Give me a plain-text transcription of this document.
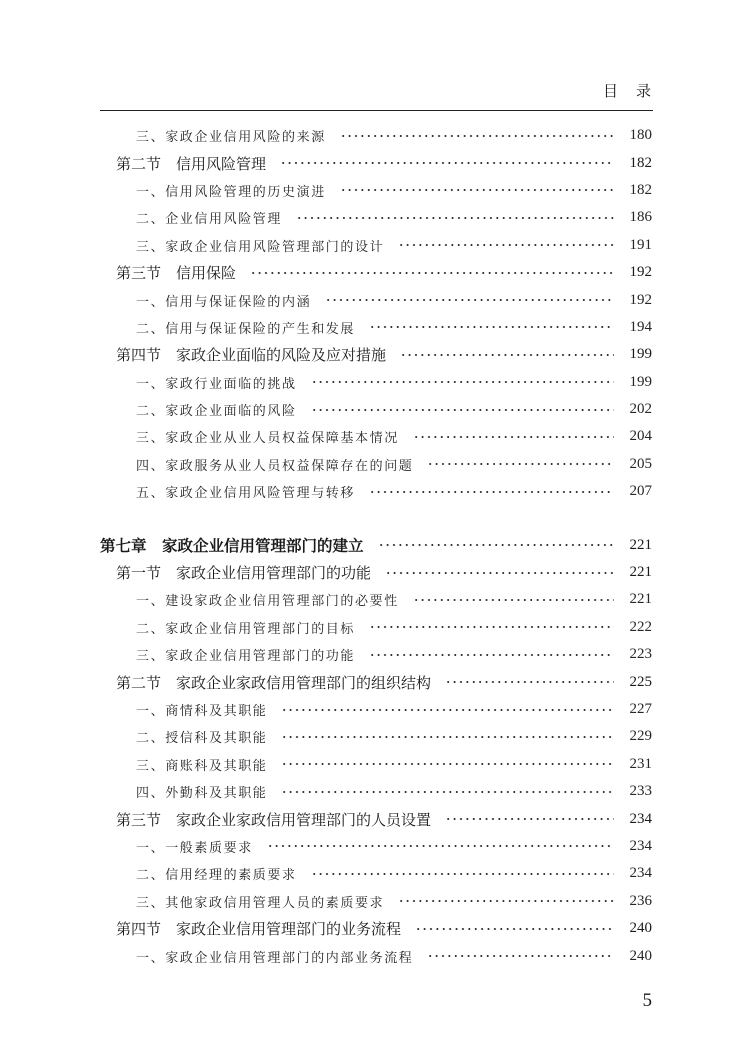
目录
三、家政企业信用风险的来源	180
第二节　信用风险管理	182
一、信用风险管理的历史演进	182
二、企业信用风险管理	186
三、家政企业信用风险管理部门的设计	191
第三节　信用保险	192
一、信用与保证保险的内涵	192
二、信用与保证保险的产生和发展	194
第四节　家政企业面临的风险及应对措施	199
一、家政行业面临的挑战	199
二、家政企业面临的风险	202
三、家政企业从业人员权益保障基本情况	204
四、家政服务从业人员权益保障存在的问题	205
五、家政企业信用风险管理与转移	207
第七章　家政企业信用管理部门的建立	221
第一节　家政企业信用管理部门的功能	221
一、建设家政企业信用管理部门的必要性	221
二、家政企业信用管理部门的目标	222
三、家政企业信用管理部门的功能	223
第二节　家政企业家政信用管理部门的组织结构	225
一、商情科及其职能	227
二、授信科及其职能	229
三、商账科及其职能	231
四、外勤科及其职能	233
第三节　家政企业家政信用管理部门的人员设置	234
一、一般素质要求	234
二、信用经理的素质要求	234
三、其他家政信用管理人员的素质要求	236
第四节　家政企业信用管理部门的业务流程	240
一、家政企业信用管理部门的内部业务流程	240
5
